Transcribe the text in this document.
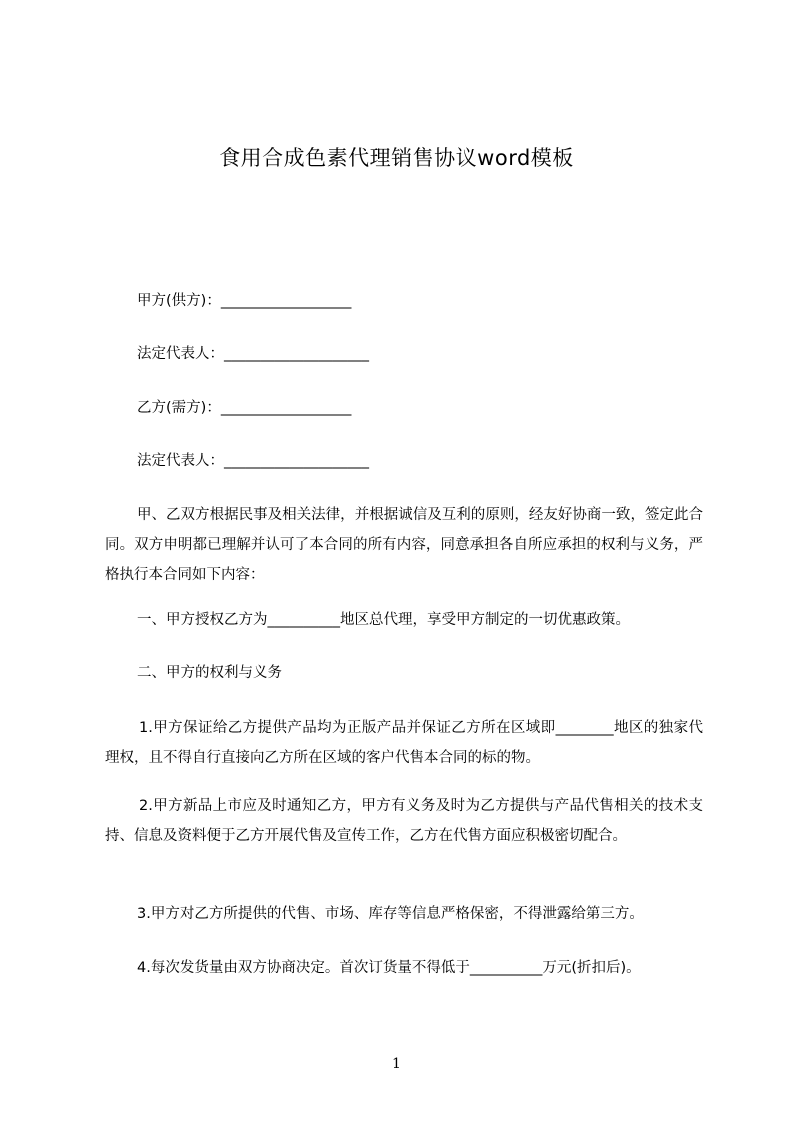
食用合成色素代理销售协议word模板
甲方(供方)：__________________
法定代表人：____________________
乙方(需方)：__________________
法定代表人：____________________
甲、乙双方根据民事及相关法律，并根据诚信及互利的原则，经友好协商一致，签定此合同。双方申明都已理解并认可了本合同的所有内容，同意承担各自所应承担的权利与义务，严格执行本合同如下内容：
一、甲方授权乙方为__________地区总代理，享受甲方制定的一切优惠政策。
二、甲方的权利与义务
1.甲方保证给乙方提供产品均为正版产品并保证乙方所在区域即________地区的独家代理权，且不得自行直接向乙方所在区域的客户代售本合同的标的物。
2.甲方新品上市应及时通知乙方，甲方有义务及时为乙方提供与产品代售相关的技术支持、信息及资料便于乙方开展代售及宣传工作，乙方在代售方面应积极密切配合。
3.甲方对乙方所提供的代售、市场、库存等信息严格保密，不得泄露给第三方。
4.每次发货量由双方协商决定。首次订货量不得低于__________万元(折扣后)。
1
